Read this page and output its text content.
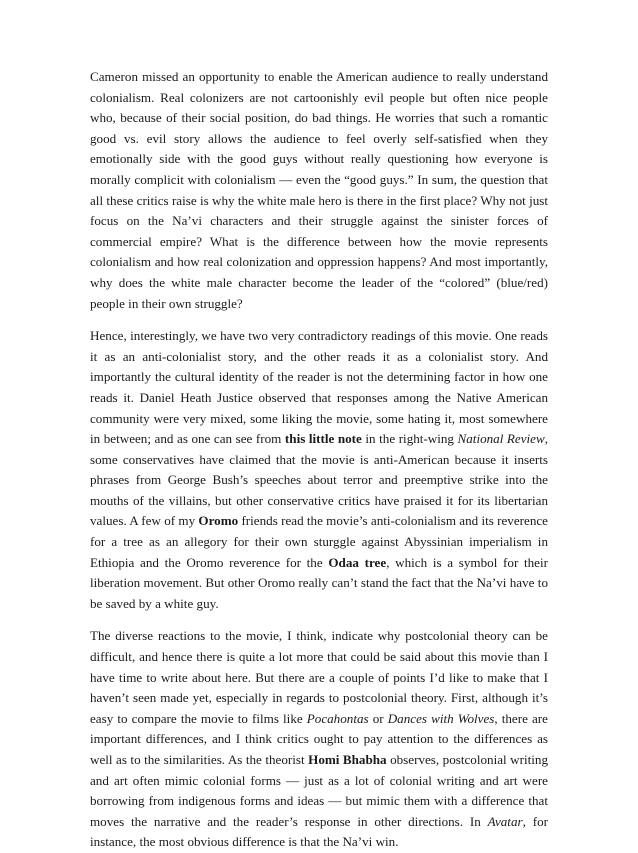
Cameron missed an opportunity to enable the American audience to really understand colonialism. Real colonizers are not cartoonishly evil people but often nice people who, because of their social position, do bad things. He worries that such a romantic good vs. evil story allows the audience to feel overly self-satisfied when they emotionally side with the good guys without really questioning how everyone is morally complicit with colonialism — even the “good guys.” In sum, the question that all these critics raise is why the white male hero is there in the first place? Why not just focus on the Na’vi characters and their struggle against the sinister forces of commercial empire? What is the difference between how the movie represents colonialism and how real colonization and oppression happens? And most importantly, why does the white male character become the leader of the “colored” (blue/red) people in their own struggle?

Hence, interestingly, we have two very contradictory readings of this movie. One reads it as an anti-colonialist story, and the other reads it as a colonialist story. And importantly the cultural identity of the reader is not the determining factor in how one reads it. Daniel Heath Justice observed that responses among the Native American community were very mixed, some liking the movie, some hating it, most somewhere in between; and as one can see from this little note in the right-wing National Review, some conservatives have claimed that the movie is anti-American because it inserts phrases from George Bush’s speeches about terror and preemptive strike into the mouths of the villains, but other conservative critics have praised it for its libertarian values. A few of my Oromo friends read the movie’s anti-colonialism and its reverence for a tree as an allegory for their own sturggle against Abyssinian imperialism in Ethiopia and the Oromo reverence for the Odaa tree, which is a symbol for their liberation movement. But other Oromo really can’t stand the fact that the Na’vi have to be saved by a white guy.

The diverse reactions to the movie, I think, indicate why postcolonial theory can be difficult, and hence there is quite a lot more that could be said about this movie than I have time to write about here. But there are a couple of points I’d like to make that I haven’t seen made yet, especially in regards to postcolonial theory. First, although it’s easy to compare the movie to films like Pocahontas or Dances with Wolves, there are important differences, and I think critics ought to pay attention to the differences as well as to the similarities. As the theorist Homi Bhabha observes, postcolonial writing and art often mimic colonial forms — just as a lot of colonial writing and art were borrowing from indigenous forms and ideas — but mimic them with a difference that moves the narrative and the reader’s response in other directions. In Avatar, for instance, the most obvious difference is that the Na’vi win.
